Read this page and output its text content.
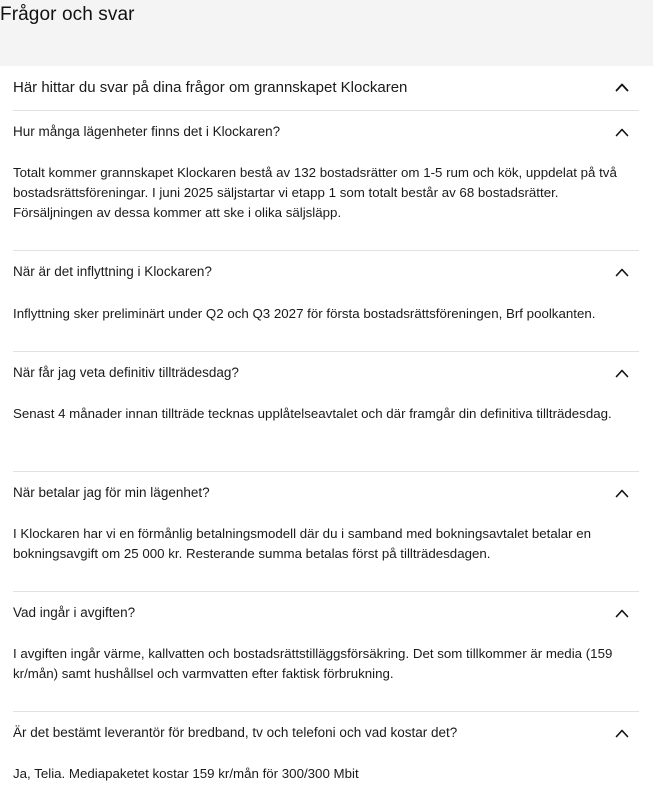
Frågor och svar
Här hittar du svar på dina frågor om grannskapet Klockaren
Hur många lägenheter finns det i Klockaren?
Totalt kommer grannskapet Klockaren bestå av 132 bostadsrätter om 1-5 rum och kök, uppdelat på två bostadsrättsföreningar. I juni 2025 säljstartar vi etapp 1 som totalt består av 68 bostadsrätter. Försäljningen av dessa kommer att ske i olika säljsläpp.
När är det inflyttning i Klockaren?
Inflyttning sker preliminärt under Q2 och Q3 2027 för första bostadsrättsföreningen, Brf poolkanten.
När får jag veta definitiv tillträdesdag?
Senast 4 månader innan tillträde tecknas upplåtelseavtalet och där framgår din definitiva tillträdesdag.
När betalar jag för min lägenhet?
I Klockaren har vi en förmånlig betalningsmodell där du i samband med bokningsavtalet betalar en bokningsavgift om 25 000 kr. Resterande summa betalas först på tillträdesdagen.
Vad ingår i avgiften?
I avgiften ingår värme, kallvatten och bostadsrättstilläggsförsäkring. Det som tillkommer är media (159 kr/mån) samt hushållsel och varmvatten efter faktisk förbrukning.
Är det bestämt leverantör för bredband, tv och telefoni och vad kostar det?
Ja, Telia. Mediapaketet kostar 159 kr/mån för 300/300 Mbit
